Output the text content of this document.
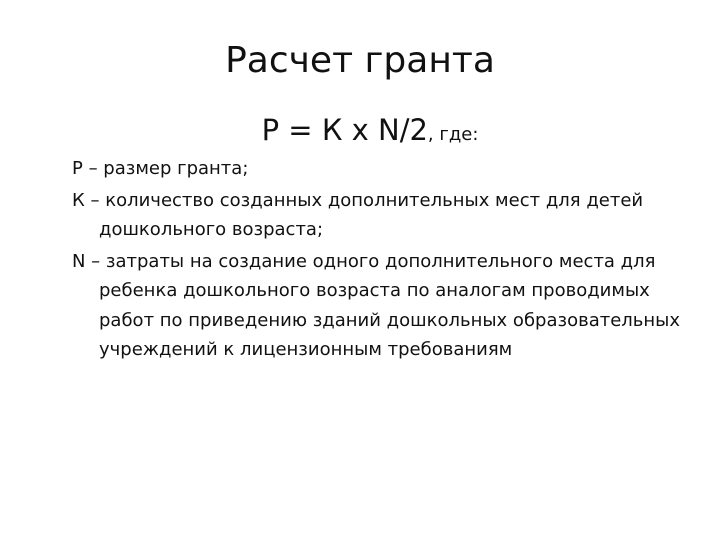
Расчет гранта
Р = К х N/2, где:
Р – размер гранта;
К – количество созданных дополнительных мест для детей дошкольного возраста;
N – затраты на создание одного дополнительного места для ребенка дошкольного возраста по аналогам проводимых работ по приведению зданий дошкольных образовательных учреждений к лицензионным требованиям
